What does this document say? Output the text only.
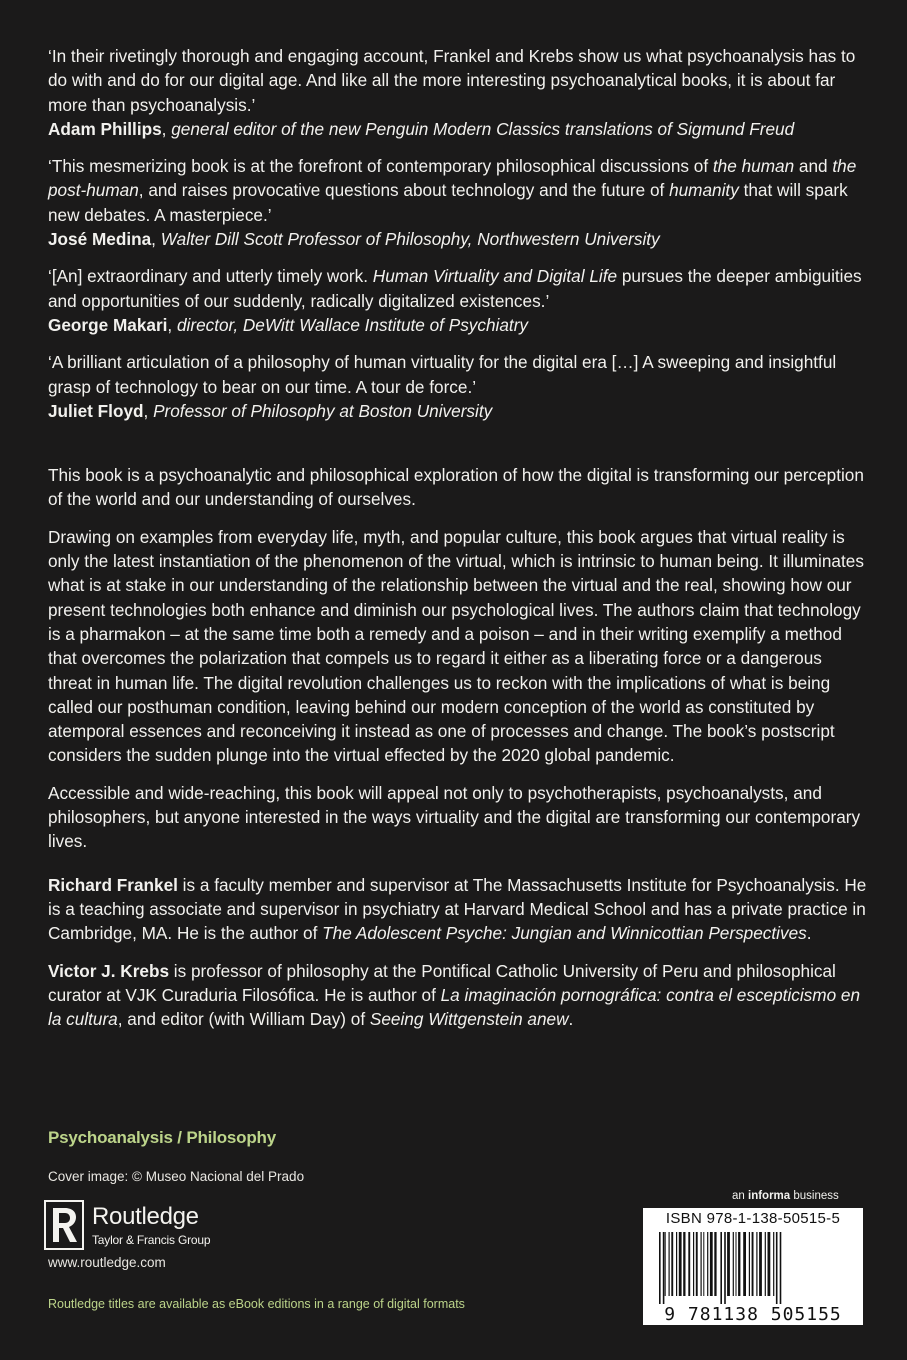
‘In their rivetingly thorough and engaging account, Frankel and Krebs show us what psychoanalysis has to do with and do for our digital age. And like all the more interesting psychoanalytical books, it is about far more than psychoanalysis.’

Adam Phillips, general editor of the new Penguin Modern Classics translations of Sigmund Freud

‘This mesmerizing book is at the forefront of contemporary philosophical discussions of the human and the post-human, and raises provocative questions about technology and the future of humanity that will spark new debates. A masterpiece.’

José Medina, Walter Dill Scott Professor of Philosophy, Northwestern University

‘[An] extraordinary and utterly timely work. Human Virtuality and Digital Life pursues the deeper ambiguities and opportunities of our suddenly, radically digitalized existences.’

George Makari, director, DeWitt Wallace Institute of Psychiatry

‘A brilliant articulation of a philosophy of human virtuality for the digital era […] A sweeping and insightful grasp of technology to bear on our time. A tour de force.’

Juliet Floyd, Professor of Philosophy at Boston University

This book is a psychoanalytic and philosophical exploration of how the digital is transforming our perception of the world and our understanding of ourselves.

Drawing on examples from everyday life, myth, and popular culture, this book argues that virtual reality is only the latest instantiation of the phenomenon of the virtual, which is intrinsic to human being. It illuminates what is at stake in our understanding of the relationship between the virtual and the real, showing how our present technologies both enhance and diminish our psychological lives. The authors claim that technology is a pharmakon – at the same time both a remedy and a poison – and in their writing exemplify a method that overcomes the polarization that compels us to regard it either as a liberating force or a dangerous threat in human life. The digital revolution challenges us to reckon with the implications of what is being called our posthuman condition, leaving behind our modern conception of the world as constituted by atemporal essences and reconceiving it instead as one of processes and change. The book’s postscript considers the sudden plunge into the virtual effected by the 2020 global pandemic.

Accessible and wide-reaching, this book will appeal not only to psychotherapists, psychoanalysts, and philosophers, but anyone interested in the ways virtuality and the digital are transforming our contemporary lives.

Richard Frankel is a faculty member and supervisor at The Massachusetts Institute for Psychoanalysis. He is a teaching associate and supervisor in psychiatry at Harvard Medical School and has a private practice in Cambridge, MA. He is the author of The Adolescent Psyche: Jungian and Winnicottian Perspectives.

Victor J. Krebs is professor of philosophy at the Pontifical Catholic University of Peru and philosophical curator at VJK Curaduria Filosófica. He is author of La imaginación pornográfica: contra el escepticismo en la cultura, and editor (with William Day) of Seeing Wittgenstein anew.

Psychoanalysis / Philosophy
Cover image: © Museo Nacional del Prado
Routledge
Taylor & Francis Group
www.routledge.com
Routledge titles are available as eBook editions in a range of digital formats
an informa business
ISBN 978-1-138-50515-5
9 781138 505155
